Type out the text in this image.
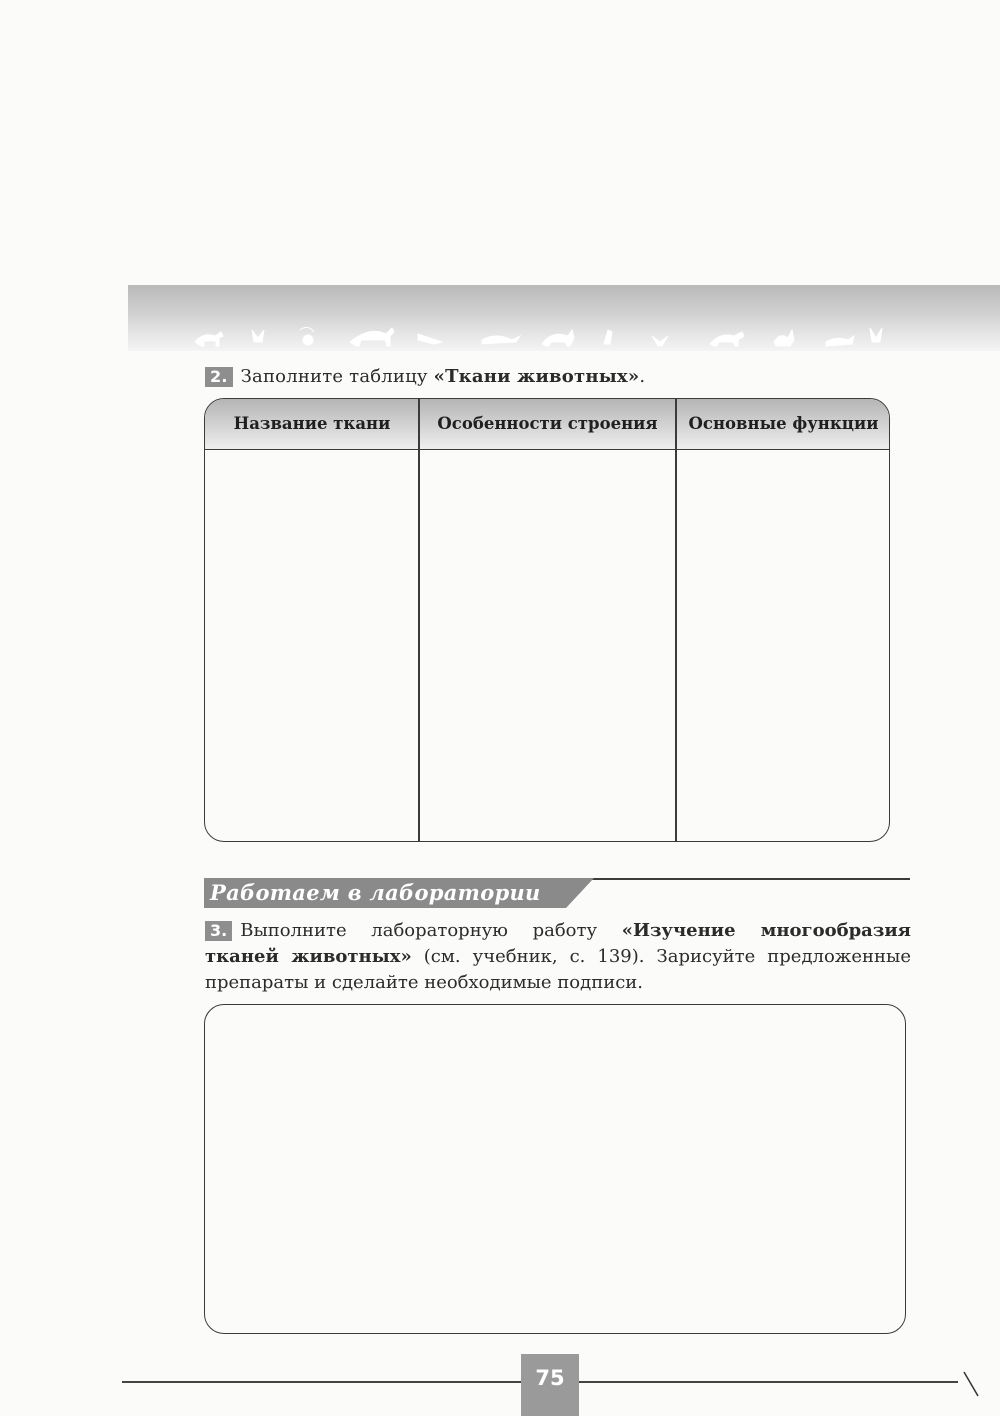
2. Заполните таблицу «Ткани животных».
Название ткани	Особенности строения	Основные функции
Работаем в лаборатории
3. Выполните лабораторную работу «Изучение многообразия тканей животных» (см. учебник, с. 139). Зарисуйте предложенные препараты и сделайте необходимые подписи.
75
